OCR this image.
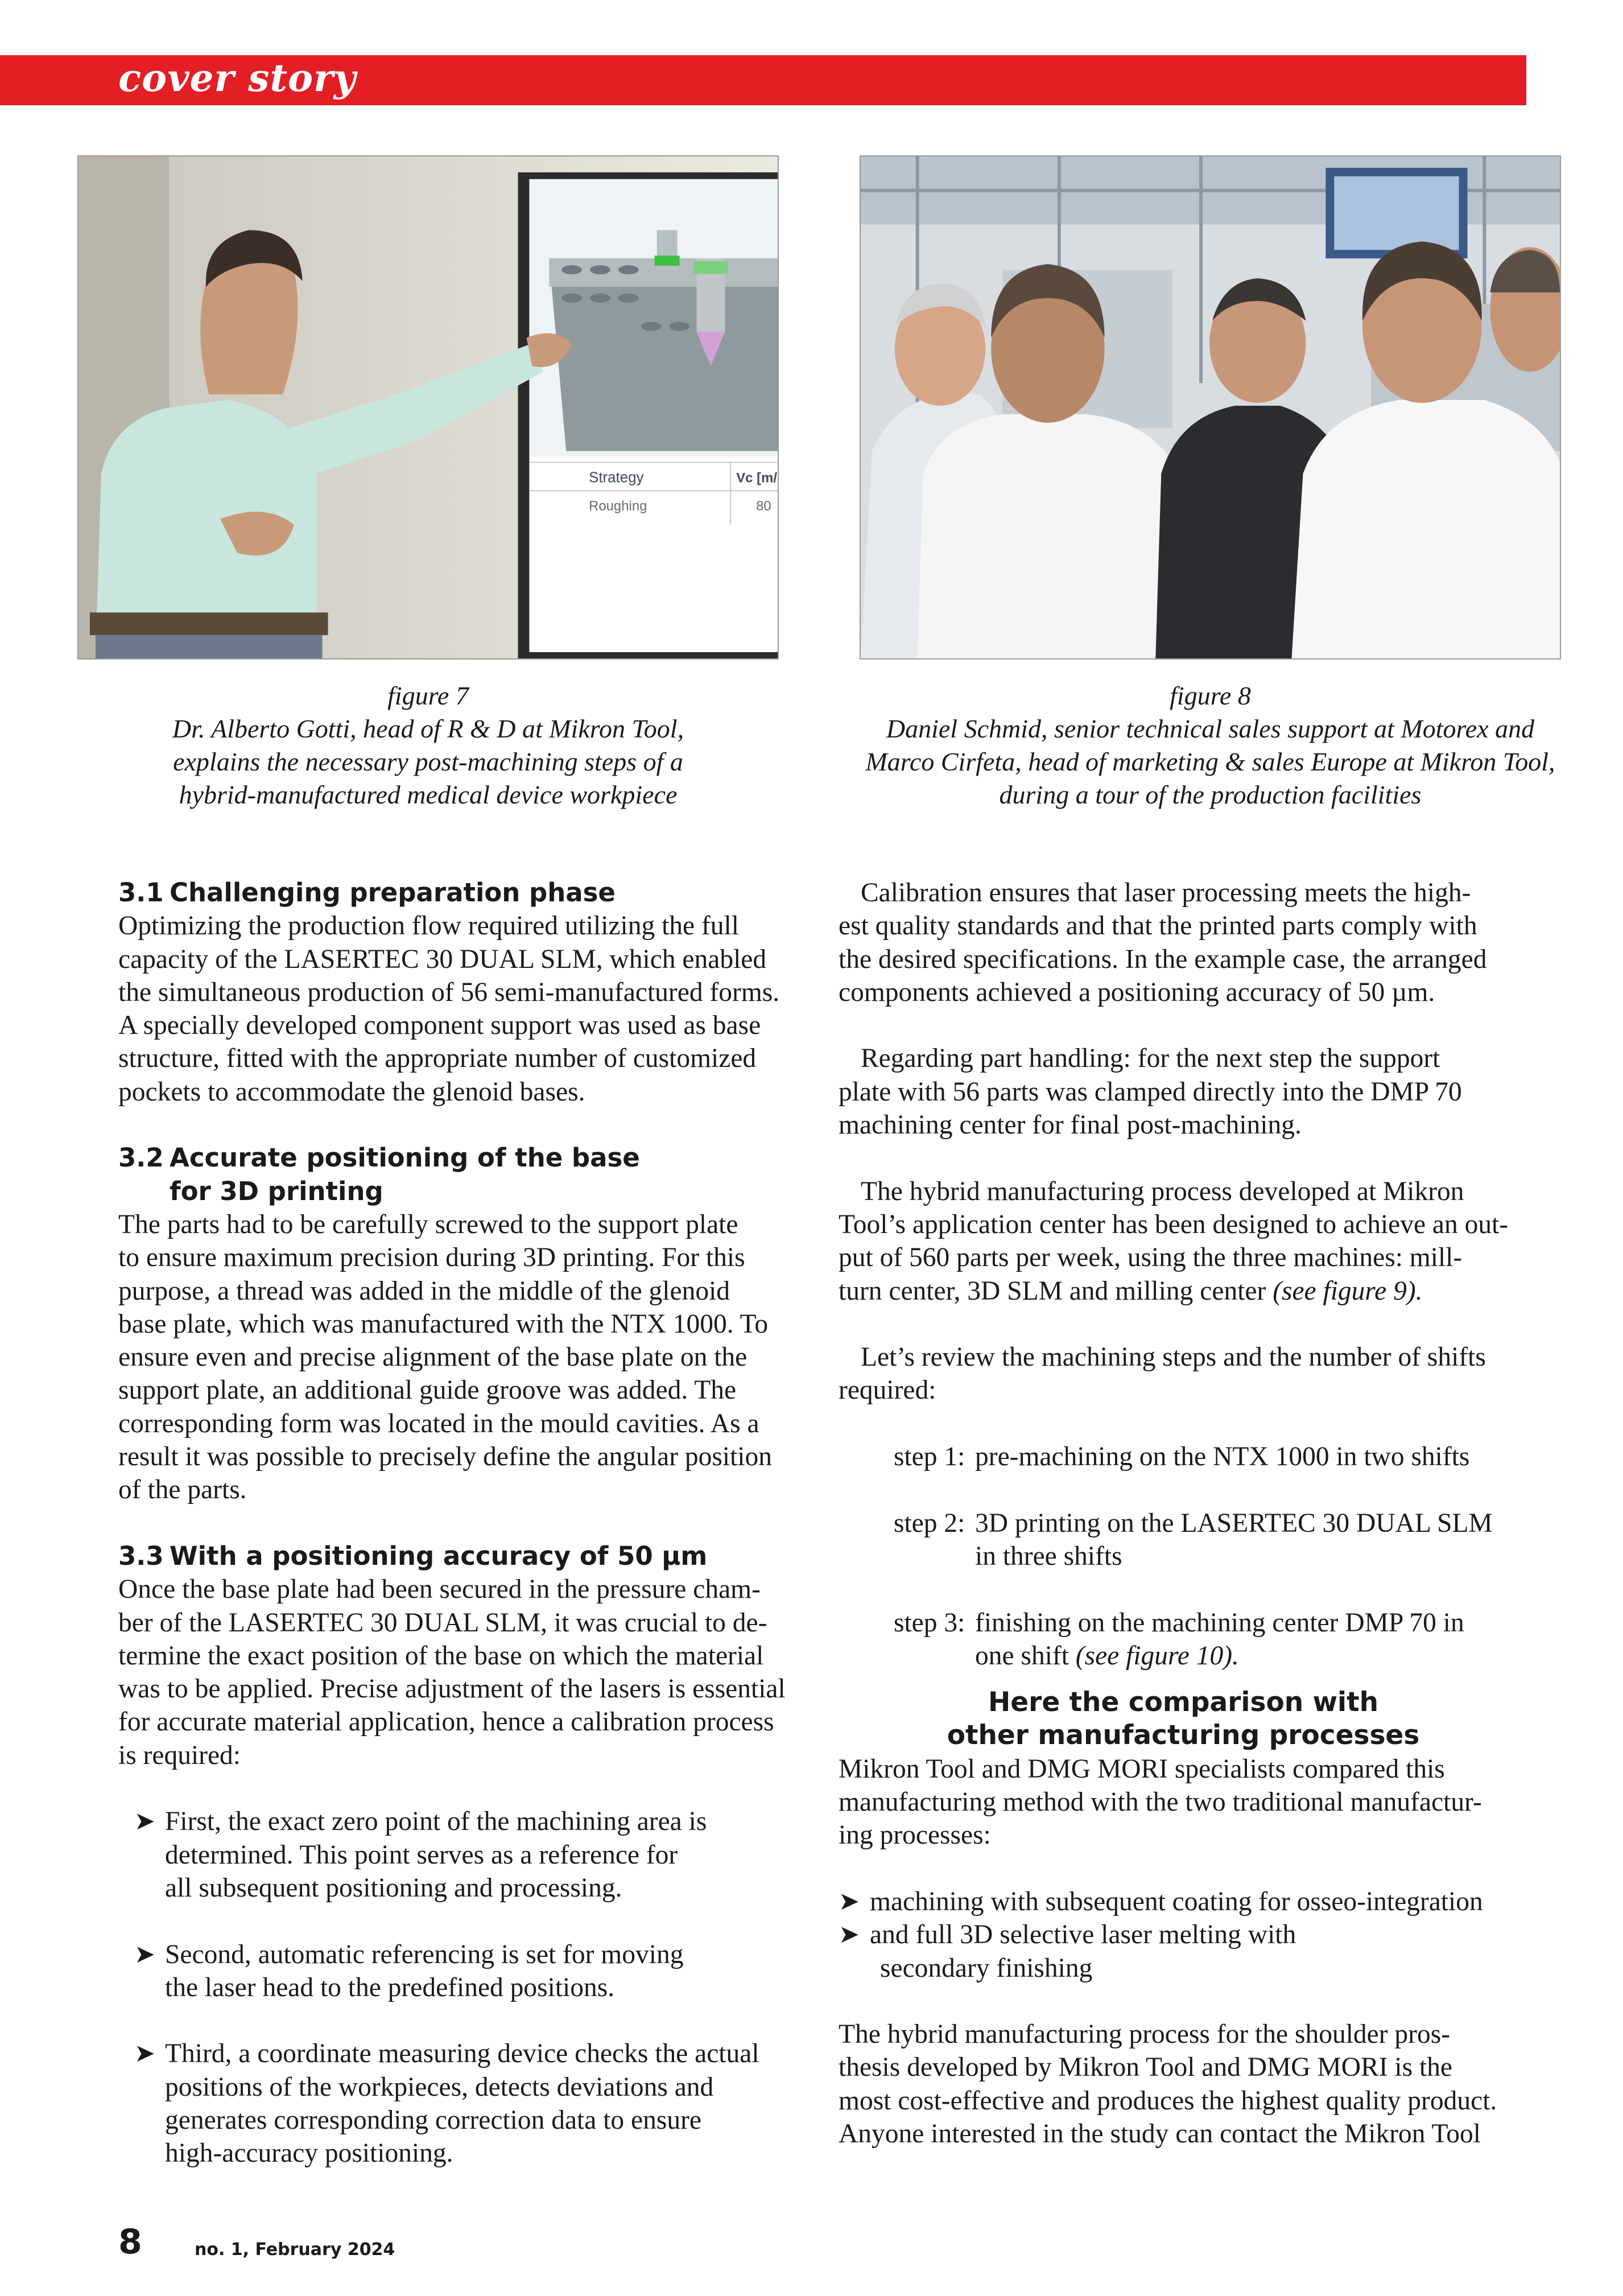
cover story
Strategy	Vc [m/
Roughing	80
figure 7
Dr. Alberto Gotti, head of R & D at Mikron Tool,
explains the necessary post-machining steps of a
hybrid-manufactured medical device workpiece
figure 8
Daniel Schmid, senior technical sales support at Motorex and
Marco Cirfeta, head of marketing & sales Europe at Mikron Tool,
during a tour of the production facilities
3.1 Challenging preparation phase

Optimizing the production flow required utilizing the full

capacity of the LASERTEC 30 DUAL SLM, which enabled

the simultaneous production of 56 semi-manufactured forms.

A specially developed component support was used as base

structure, fitted with the appropriate number of customized

pockets to accommodate the glenoid bases.

3.2 Accurate positioning of the base
for 3D printing

The parts had to be carefully screwed to the support plate

to ensure maximum precision during 3D printing. For this

purpose, a thread was added in the middle of the glenoid

base plate, which was manufactured with the NTX 1000. To

ensure even and precise alignment of the base plate on the

support plate, an additional guide groove was added. The

corresponding form was located in the mould cavities. As a

result it was possible to precisely define the angular position

of the parts.

3.3 With a positioning accuracy of 50 µm

Once the base plate had been secured in the pressure cham-

ber of the LASERTEC 30 DUAL SLM, it was crucial to de-

termine the exact position of the base on which the material

was to be applied. Precise adjustment of the lasers is essential

for accurate material application, hence a calibration process

is required:

➤ First, the exact zero point of the machining area is

determined. This point serves as a reference for

all subsequent positioning and processing.

➤ Second, automatic referencing is set for moving

the laser head to the predefined positions.

➤ Third, a coordinate measuring device checks the actual

positions of the workpieces, detects deviations and

generates corresponding correction data to ensure

high-accuracy positioning.

Calibration ensures that laser processing meets the high-

est quality standards and that the printed parts comply with

the desired specifications. In the example case, the arranged

components achieved a positioning accuracy of 50 µm.

Regarding part handling: for the next step the support

plate with 56 parts was clamped directly into the DMP 70

machining center for final post-machining.

The hybrid manufacturing process developed at Mikron

Tool’s application center has been designed to achieve an out-

put of 560 parts per week, using the three machines: mill-

turn center, 3D SLM and milling center (see figure 9).

Let’s review the machining steps and the number of shifts

required:

step 1: pre-machining on the NTX 1000 in two shifts

step 2: 3D printing on the LASERTEC 30 DUAL SLM

in three shifts

step 3: finishing on the machining center DMP 70 in

one shift (see figure 10).

Here the comparison with
other manufacturing processes

Mikron Tool and DMG MORI specialists compared this

manufacturing method with the two traditional manufactur-

ing processes:

➤ machining with subsequent coating for osseo-integration

➤ and full 3D selective laser melting with

secondary finishing

The hybrid manufacturing process for the shoulder pros-

thesis developed by Mikron Tool and DMG MORI is the

most cost-effective and produces the highest quality product.

Anyone interested in the study can contact the Mikron Tool

8	no. 1, February 2024
